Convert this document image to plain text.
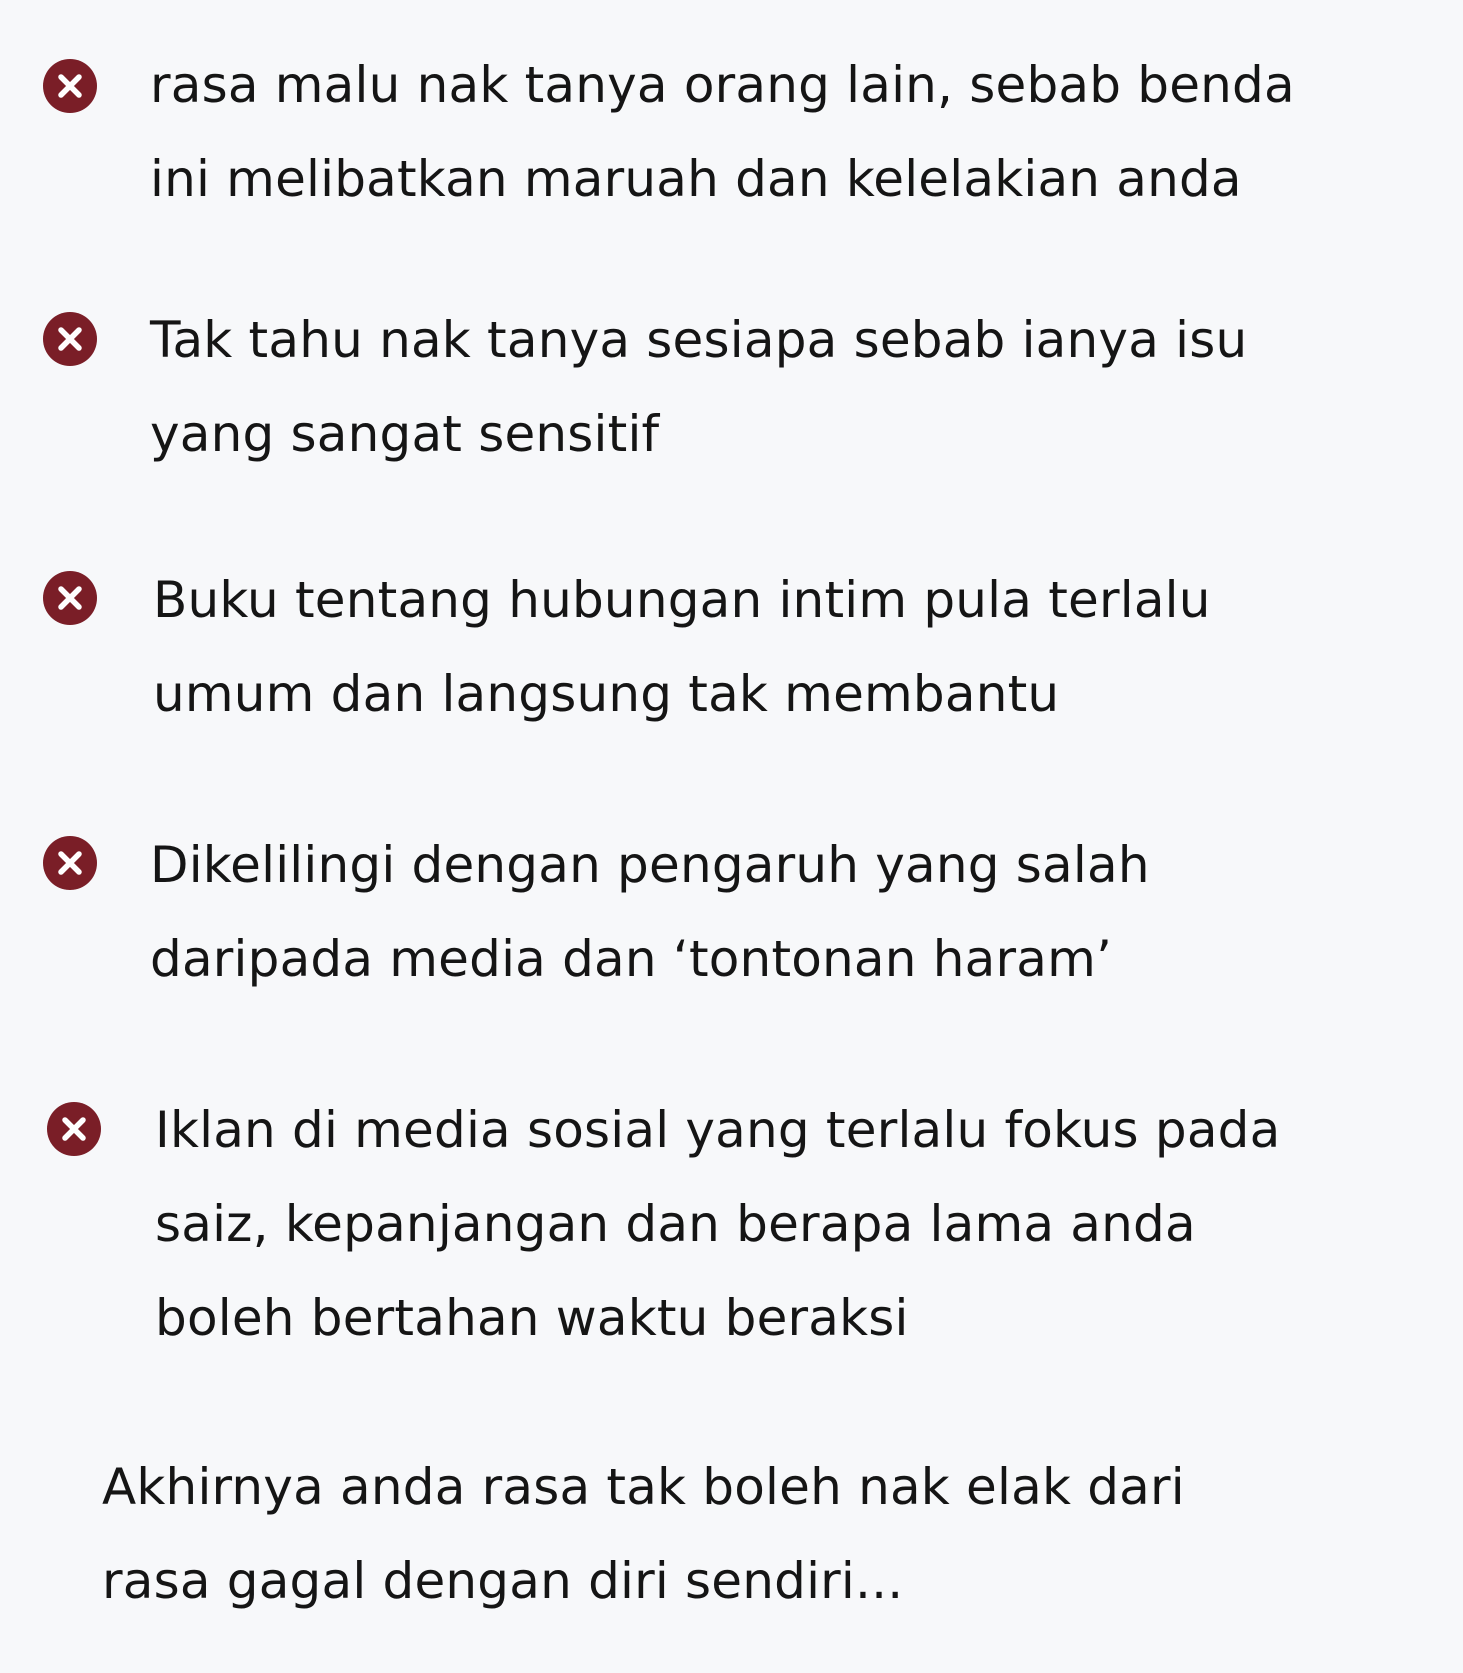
rasa malu nak tanya orang lain, sebab benda
ini melibatkan maruah dan kelelakian anda
Tak tahu nak tanya sesiapa sebab ianya isu
yang sangat sensitif
Buku tentang hubungan intim pula terlalu
umum dan langsung tak membantu
Dikelilingi dengan pengaruh yang salah
daripada media dan ‘tontonan haram’
Iklan di media sosial yang terlalu fokus pada
saiz, kepanjangan dan berapa lama anda
boleh bertahan waktu beraksi
Akhirnya anda rasa tak boleh nak elak dari
rasa gagal dengan diri sendiri...
